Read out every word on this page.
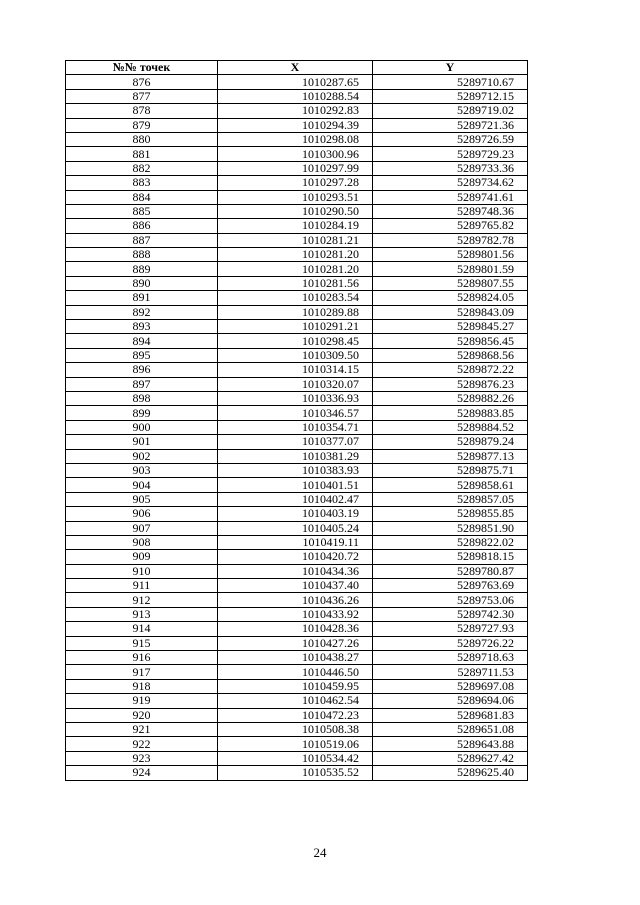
№№ точек	X	Y
876	1010287.65	5289710.67
877	1010288.54	5289712.15
878	1010292.83	5289719.02
879	1010294.39	5289721.36
880	1010298.08	5289726.59
881	1010300.96	5289729.23
882	1010297.99	5289733.36
883	1010297.28	5289734.62
884	1010293.51	5289741.61
885	1010290.50	5289748.36
886	1010284.19	5289765.82
887	1010281.21	5289782.78
888	1010281.20	5289801.56
889	1010281.20	5289801.59
890	1010281.56	5289807.55
891	1010283.54	5289824.05
892	1010289.88	5289843.09
893	1010291.21	5289845.27
894	1010298.45	5289856.45
895	1010309.50	5289868.56
896	1010314.15	5289872.22
897	1010320.07	5289876.23
898	1010336.93	5289882.26
899	1010346.57	5289883.85
900	1010354.71	5289884.52
901	1010377.07	5289879.24
902	1010381.29	5289877.13
903	1010383.93	5289875.71
904	1010401.51	5289858.61
905	1010402.47	5289857.05
906	1010403.19	5289855.85
907	1010405.24	5289851.90
908	1010419.11	5289822.02
909	1010420.72	5289818.15
910	1010434.36	5289780.87
911	1010437.40	5289763.69
912	1010436.26	5289753.06
913	1010433.92	5289742.30
914	1010428.36	5289727.93
915	1010427.26	5289726.22
916	1010438.27	5289718.63
917	1010446.50	5289711.53
918	1010459.95	5289697.08
919	1010462.54	5289694.06
920	1010472.23	5289681.83
921	1010508.38	5289651.08
922	1010519.06	5289643.88
923	1010534.42	5289627.42
924	1010535.52	5289625.40
24
